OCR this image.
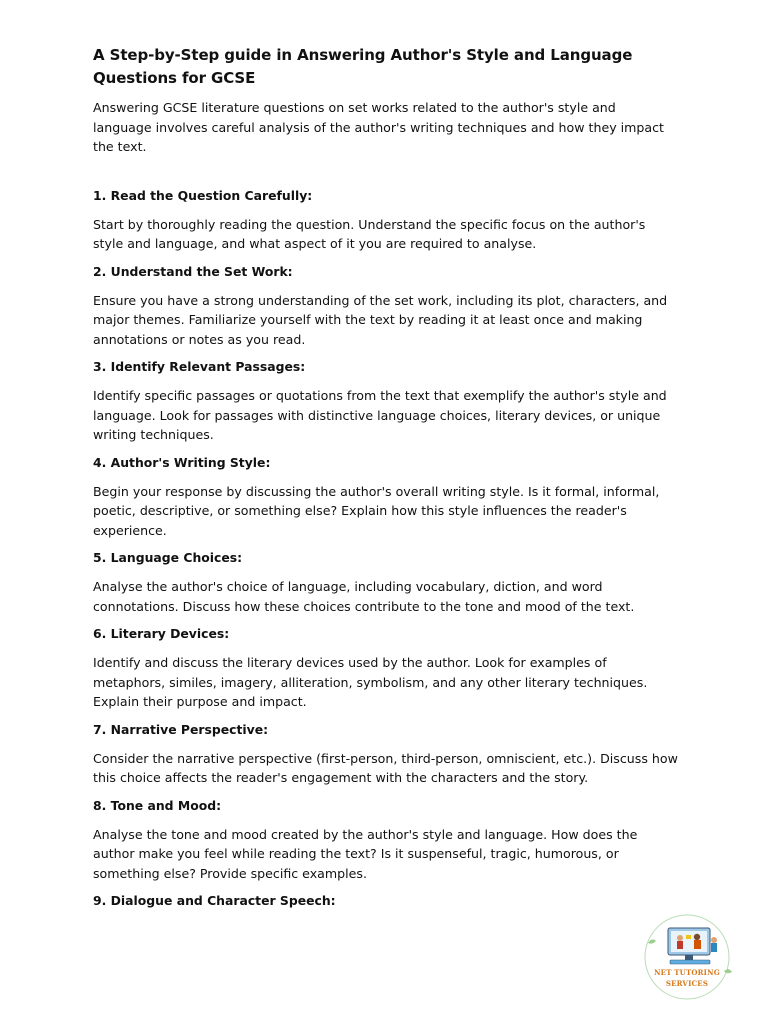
A Step-by-Step guide in Answering Author's Style and Language Questions for GCSE
Answering GCSE literature questions on set works related to the author's style and language involves careful analysis of the author's writing techniques and how they impact the text.
1. Read the Question Carefully:
Start by thoroughly reading the question. Understand the specific focus on the author's style and language, and what aspect of it you are required to analyse.
2. Understand the Set Work:
Ensure you have a strong understanding of the set work, including its plot, characters, and major themes. Familiarize yourself with the text by reading it at least once and making annotations or notes as you read.
3. Identify Relevant Passages:
Identify specific passages or quotations from the text that exemplify the author's style and language. Look for passages with distinctive language choices, literary devices, or unique writing techniques.
4. Author's Writing Style:
Begin your response by discussing the author's overall writing style. Is it formal, informal, poetic, descriptive, or something else? Explain how this style influences the reader's experience.
5. Language Choices:
Analyse the author's choice of language, including vocabulary, diction, and word connotations. Discuss how these choices contribute to the tone and mood of the text.
6. Literary Devices:
Identify and discuss the literary devices used by the author. Look for examples of metaphors, similes, imagery, alliteration, symbolism, and any other literary techniques. Explain their purpose and impact.
7. Narrative Perspective:
Consider the narrative perspective (first-person, third-person, omniscient, etc.). Discuss how this choice affects the reader's engagement with the characters and the story.
8. Tone and Mood:
Analyse the tone and mood created by the author's style and language. How does the author make you feel while reading the text? Is it suspenseful, tragic, humorous, or something else? Provide specific examples.
9. Dialogue and Character Speech:
NET TUTORING
SERVICES
